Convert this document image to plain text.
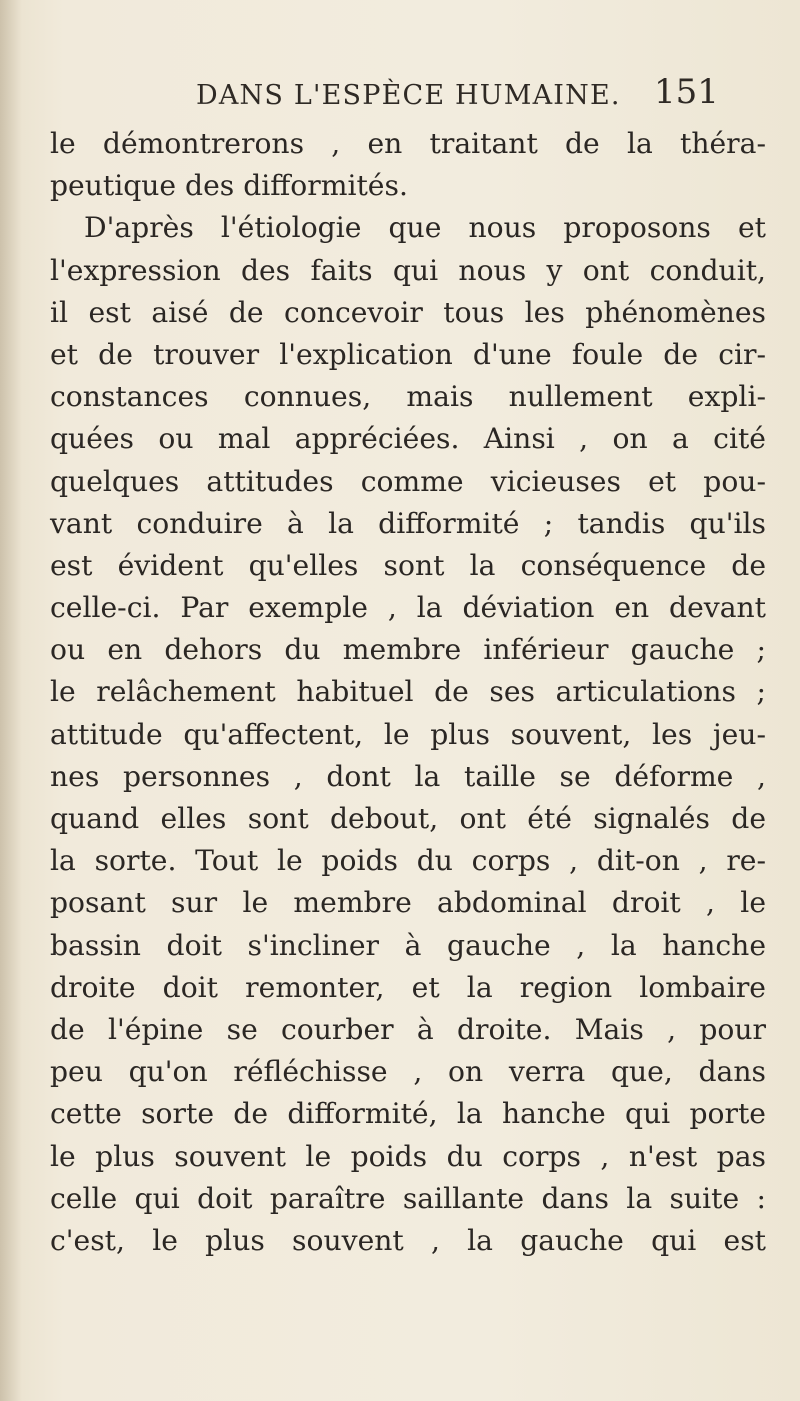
DANS L'ESPÈCE HUMAINE. 151
le démontrerons , en traitant de la théra-
peutique des difformités.
D'après l'étiologie que nous proposons et
l'expression des faits qui nous y ont conduit,
il est aisé de concevoir tous les phénomènes
et de trouver l'explication d'une foule de cir-
constances connues, mais nullement expli-
quées ou mal appréciées. Ainsi , on a cité
quelques attitudes comme vicieuses et pou-
vant conduire à la difformité ; tandis qu'ils
est évident qu'elles sont la conséquence de
celle-ci. Par exemple , la déviation en devant
ou en dehors du membre inférieur gauche ;
le relâchement habituel de ses articulations ;
attitude qu'affectent, le plus souvent, les jeu-
nes personnes , dont la taille se déforme ,
quand elles sont debout, ont été signalés de
la sorte. Tout le poids du corps , dit-on , re-
posant sur le membre abdominal droit , le
bassin doit s'incliner à gauche , la hanche
droite doit remonter, et la region lombaire
de l'épine se courber à droite. Mais , pour
peu qu'on réfléchisse , on verra que, dans
cette sorte de difformité, la hanche qui porte
le plus souvent le poids du corps , n'est pas
celle qui doit paraître saillante dans la suite :
c'est, le plus souvent , la gauche qui est
